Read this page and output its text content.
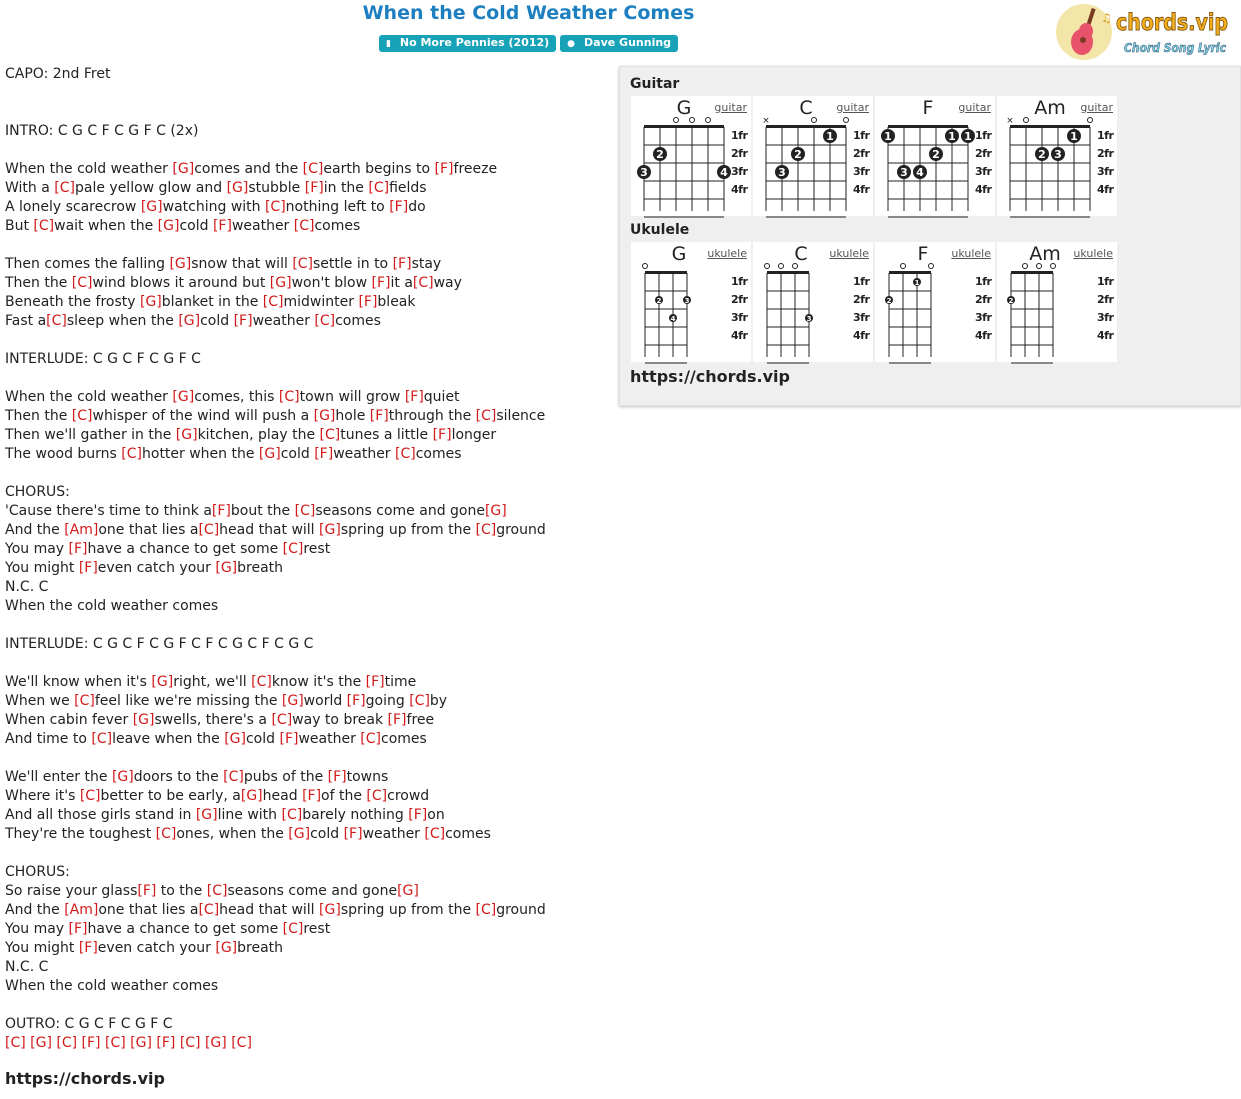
When the Cold Weather Comes
▮ No More Pennies (2012) ● Dave Gunning
♫ chords.vip
Chord Song Lyric
CAPO: 2nd Fret

INTRO: C G C F C G F C (2x)

When the cold weather [G]comes and the [C]earth begins to [F]freeze
With a [C]pale yellow glow and [G]stubble [F]in the [C]fields
A lonely scarecrow [G]watching with [C]nothing left to [F]do
But [C]wait when the [G]cold [F]weather [C]comes

Then comes the falling [G]snow that will [C]settle in to [F]stay
Then the [C]wind blows it around but [G]won't blow [F]it a[C]way
Beneath the frosty [G]blanket in the [C]midwinter [F]bleak
Fast a[C]sleep when the [G]cold [F]weather [C]comes

INTERLUDE: C G C F C G F C

When the cold weather [G]comes, this [C]town will grow [F]quiet
Then the [C]whisper of the wind will push a [G]hole [F]through the [C]silence
Then we'll gather in the [G]kitchen, play the [C]tunes a little [F]longer
The wood burns [C]hotter when the [G]cold [F]weather [C]comes

CHORUS:
'Cause there's time to think a[F]bout the [C]seasons come and gone[G]
And the [Am]one that lies a[C]head that will [G]spring up from the [C]ground
You may [F]have a chance to get some [C]rest
You might [F]even catch your [G]breath
N.C. C
When the cold weather comes

INTERLUDE: C G C F C G F C F C G C F C G C

We'll know when it's [G]right, we'll [C]know it's the [F]time
When we [C]feel like we're missing the [G]world [F]going [C]by
When cabin fever [G]swells, there's a [C]way to break [F]free
And time to [C]leave when the [G]cold [F]weather [C]comes

We'll enter the [G]doors to the [C]pubs of the [F]towns
Where it's [C]better to be early, a[G]head [F]of the [C]crowd
And all those girls stand in [G]line with [C]barely nothing [F]on
They're the toughest [C]ones, when the [G]cold [F]weather [C]comes

CHORUS:
So raise your glass[F] to the [C]seasons come and gone[G]
And the [Am]one that lies a[C]head that will [G]spring up from the [C]ground
You may [F]have a chance to get some [C]rest
You might [F]even catch your [G]breath
N.C. C
When the cold weather comes

OUTRO: C G C F C G F C
[C] [G] [C] [F] [C] [G] [F] [C] [G] [C]
https://chords.vip
Guitar
3
2
4
1fr
2fr
3fr
4fr
G	guitar
×
3
2
1 1fr
2fr
3fr
4fr
C	guitar
1
3 4
2
1 1 1fr
2fr
3fr
4fr
F	guitar
×
2 3
1 1fr
2fr
3fr
4fr
Am	guitar
Ukulele
2
4
3
1fr
2fr
3fr
4fr
G	ukulele
3
1fr
2fr
3fr
4fr
C	ukulele
2
1	1fr
2fr
3fr
4fr
F	ukulele
2
1fr
2fr
3fr
4fr
Am	ukulele
https://chords.vip
